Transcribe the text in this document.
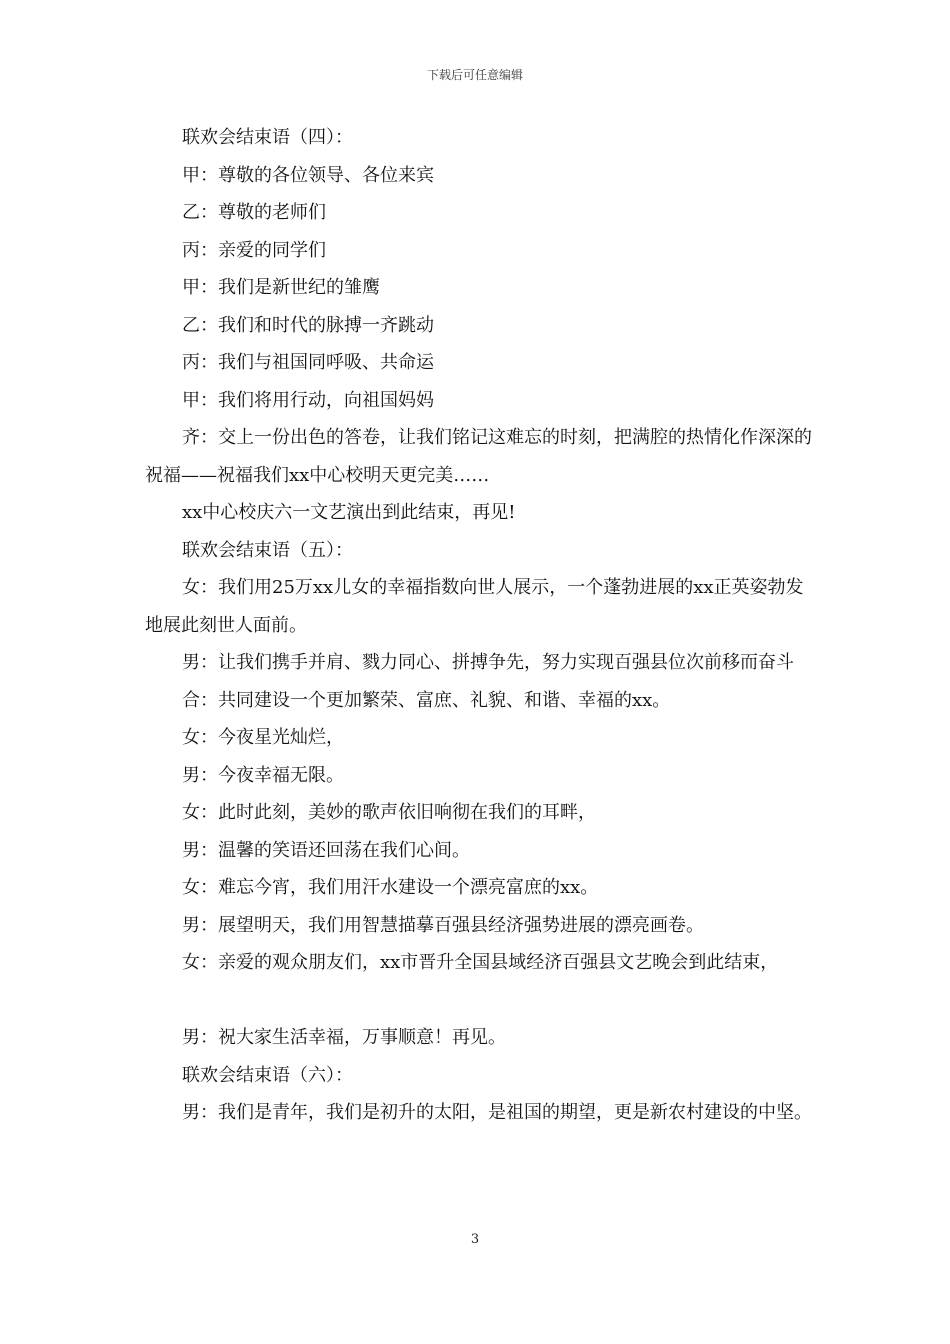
下载后可任意编辑

联欢会结束语（四）：

甲：尊敬的各位领导、各位来宾

乙：尊敬的老师们

丙：亲爱的同学们

甲：我们是新世纪的雏鹰

乙：我们和时代的脉搏一齐跳动

丙：我们与祖国同呼吸、共命运

甲：我们将用行动，向祖国妈妈

齐：交上一份出色的答卷，让我们铭记这难忘的时刻，把满腔的热情化作深深的祝福——祝福我们xx中心校明天更完美……

xx中心校庆六一文艺演出到此结束，再见!

联欢会结束语（五）：

女：我们用25万xx儿女的幸福指数向世人展示，一个蓬勃进展的xx正英姿勃发地展此刻世人面前。

男：让我们携手并肩、戮力同心、拼搏争先，努力实现百强县位次前移而奋斗

合：共同建设一个更加繁荣、富庶、礼貌、和谐、幸福的xx。

女：今夜星光灿烂，

男：今夜幸福无限。

女：此时此刻，美妙的歌声依旧响彻在我们的耳畔，

男：温馨的笑语还回荡在我们心间。

女：难忘今宵，我们用汗水建设一个漂亮富庶的xx。

男：展望明天，我们用智慧描摹百强县经济强势进展的漂亮画卷。

女：亲爱的观众朋友们，xx市晋升全国县域经济百强县文艺晚会到此结束，

男：祝大家生活幸福，万事顺意！再见。

联欢会结束语（六）：

男：我们是青年，我们是初升的太阳，是祖国的期望，更是新农村建设的中坚。

3
